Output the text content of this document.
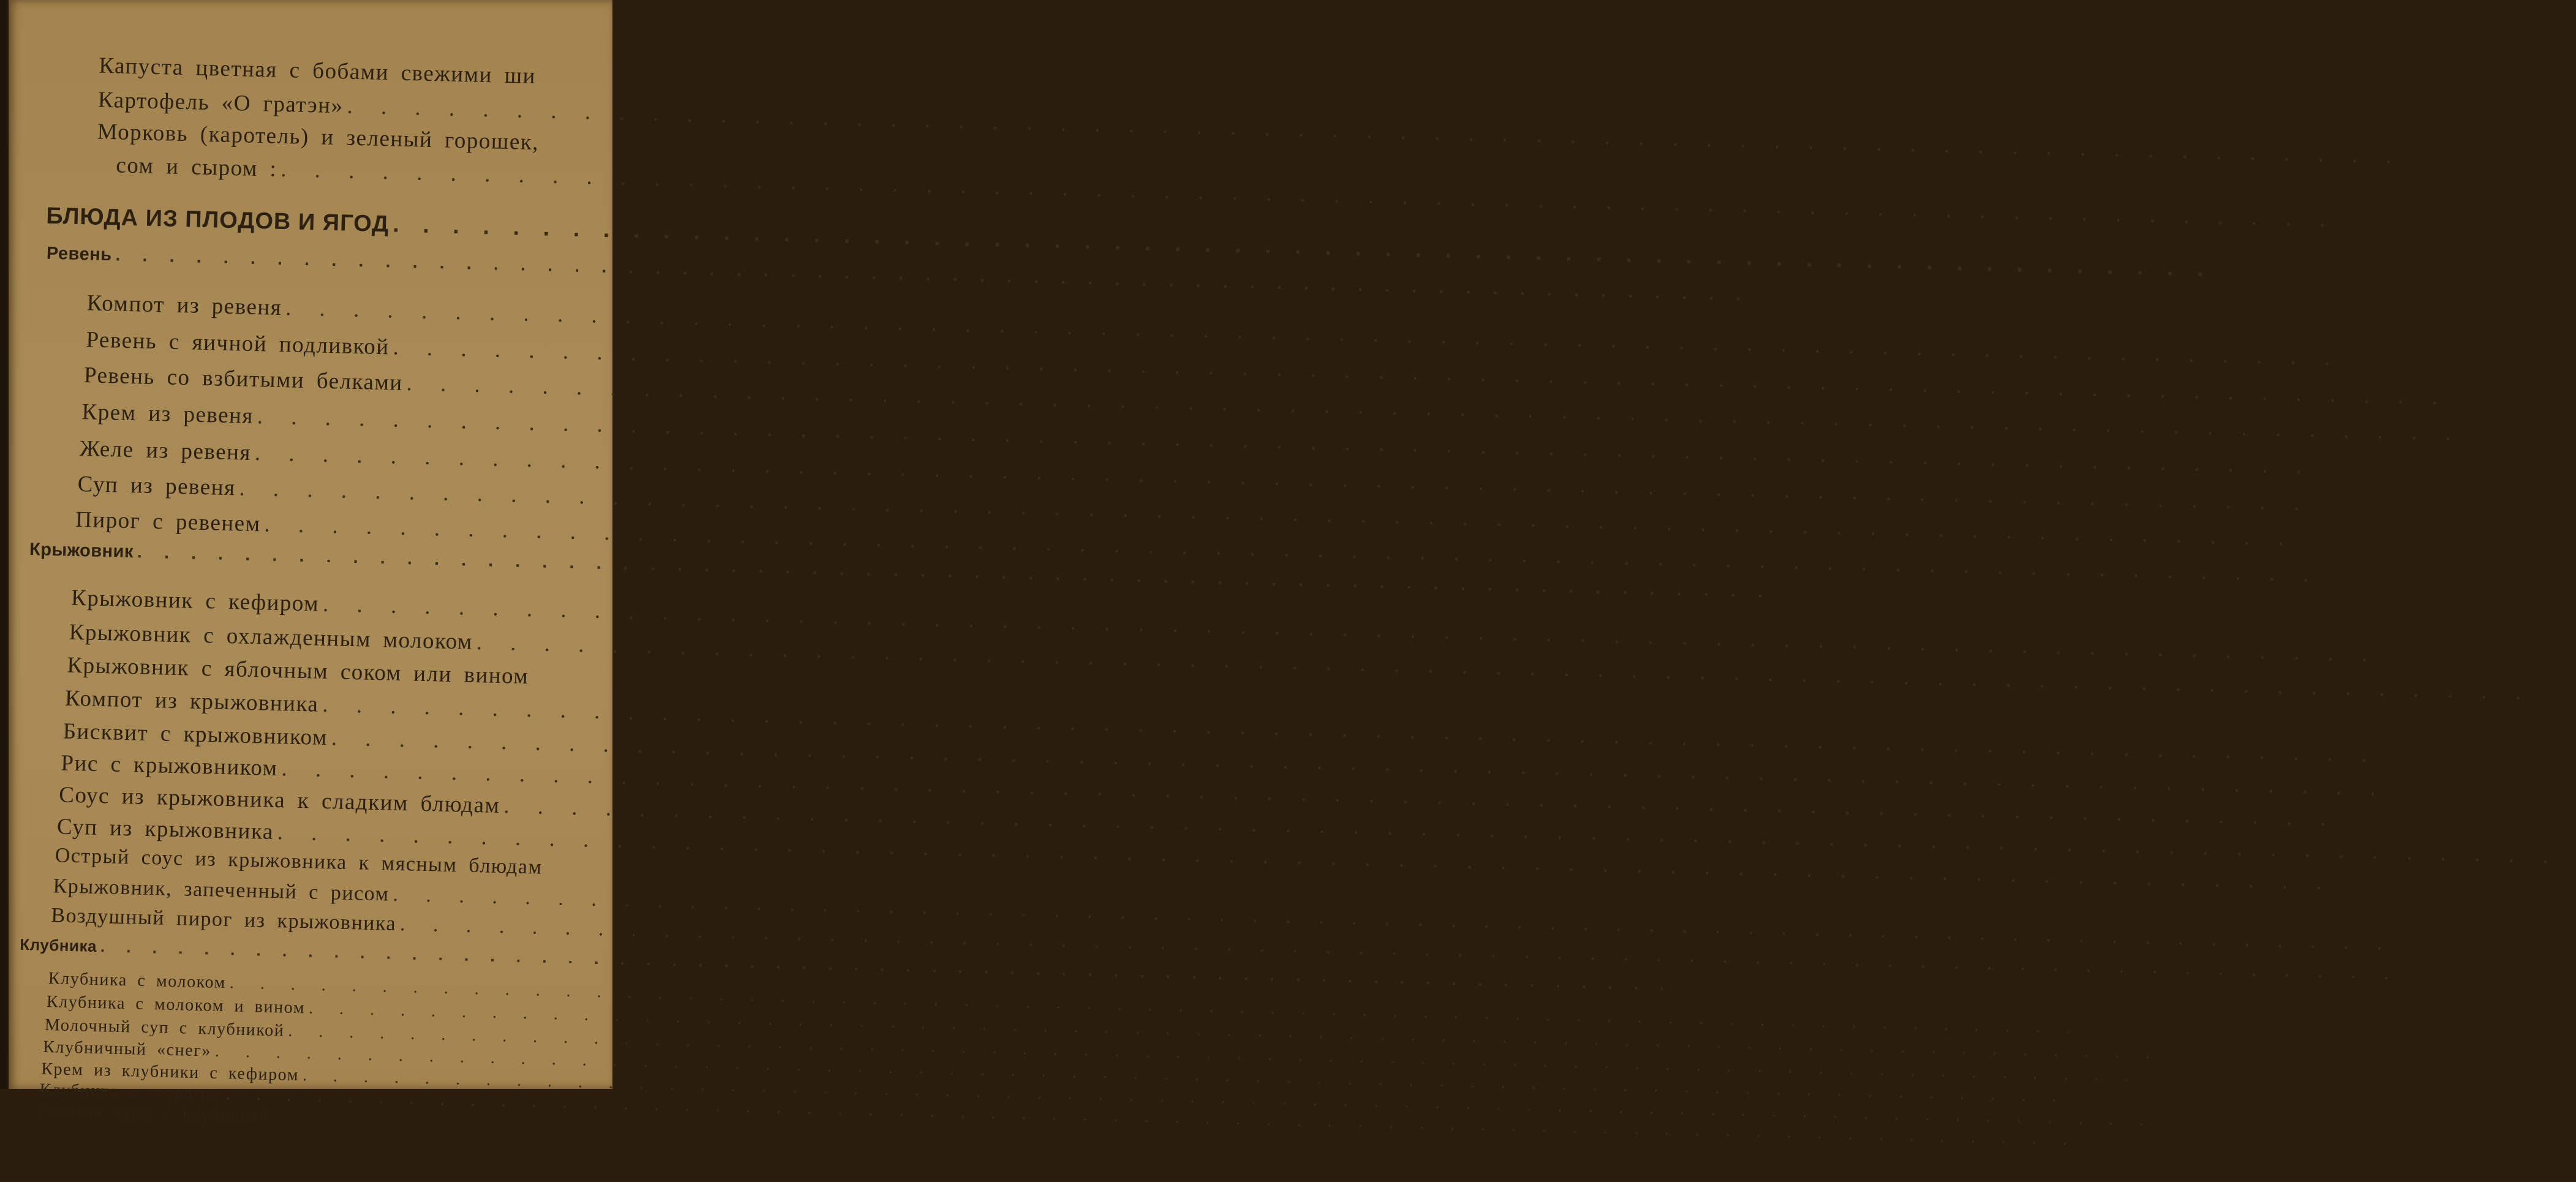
Капуста цветная с бобами свежими ши
Картофель «О гратэн»
. . .
Морковь (каротель) и зеленый горошек,
сом и сыром :
. . .
БЛЮДА ИЗ ПЛОДОВ И ЯГОД
. . .
Ревень
. . .
Компот из ревеня
. . .
Ревень с яичной подливкой
. . .
Ревень со взбитыми белками
. . .
Крем из ревеня
. . .
Желе из ревеня
. . .
Суп из ревеня
. . .
Пирог с ревенем
. . .
Крыжовник
. . .
Крыжовник с кефиром
. . .
Крыжовник с охлажденным молоком
. . .
Крыжовник с яблочным соком или вином
Компот из крыжовника
. . .
Бисквит с крыжовником
. . .
Рис с крыжовником
. . .
Соус из крыжовника к сладким блюдам
. . .
Суп из крыжовника
. . .
Острый соус из крыжовника к мясным блюдам
Крыжовник, запеченный с рисом
. . .
Воздушный пирог из крыжовника
. . .
Клубника
. . .
Клубника с молоком
. . .
Клубника с молоком и вином
. . .
Молочный суп с клубникой
. . .
Клубничный «снег»
. . .
Крем из клубники с кефиром
. . .
Клубника с творогом
. . .
Рисовая каша с клубникой
